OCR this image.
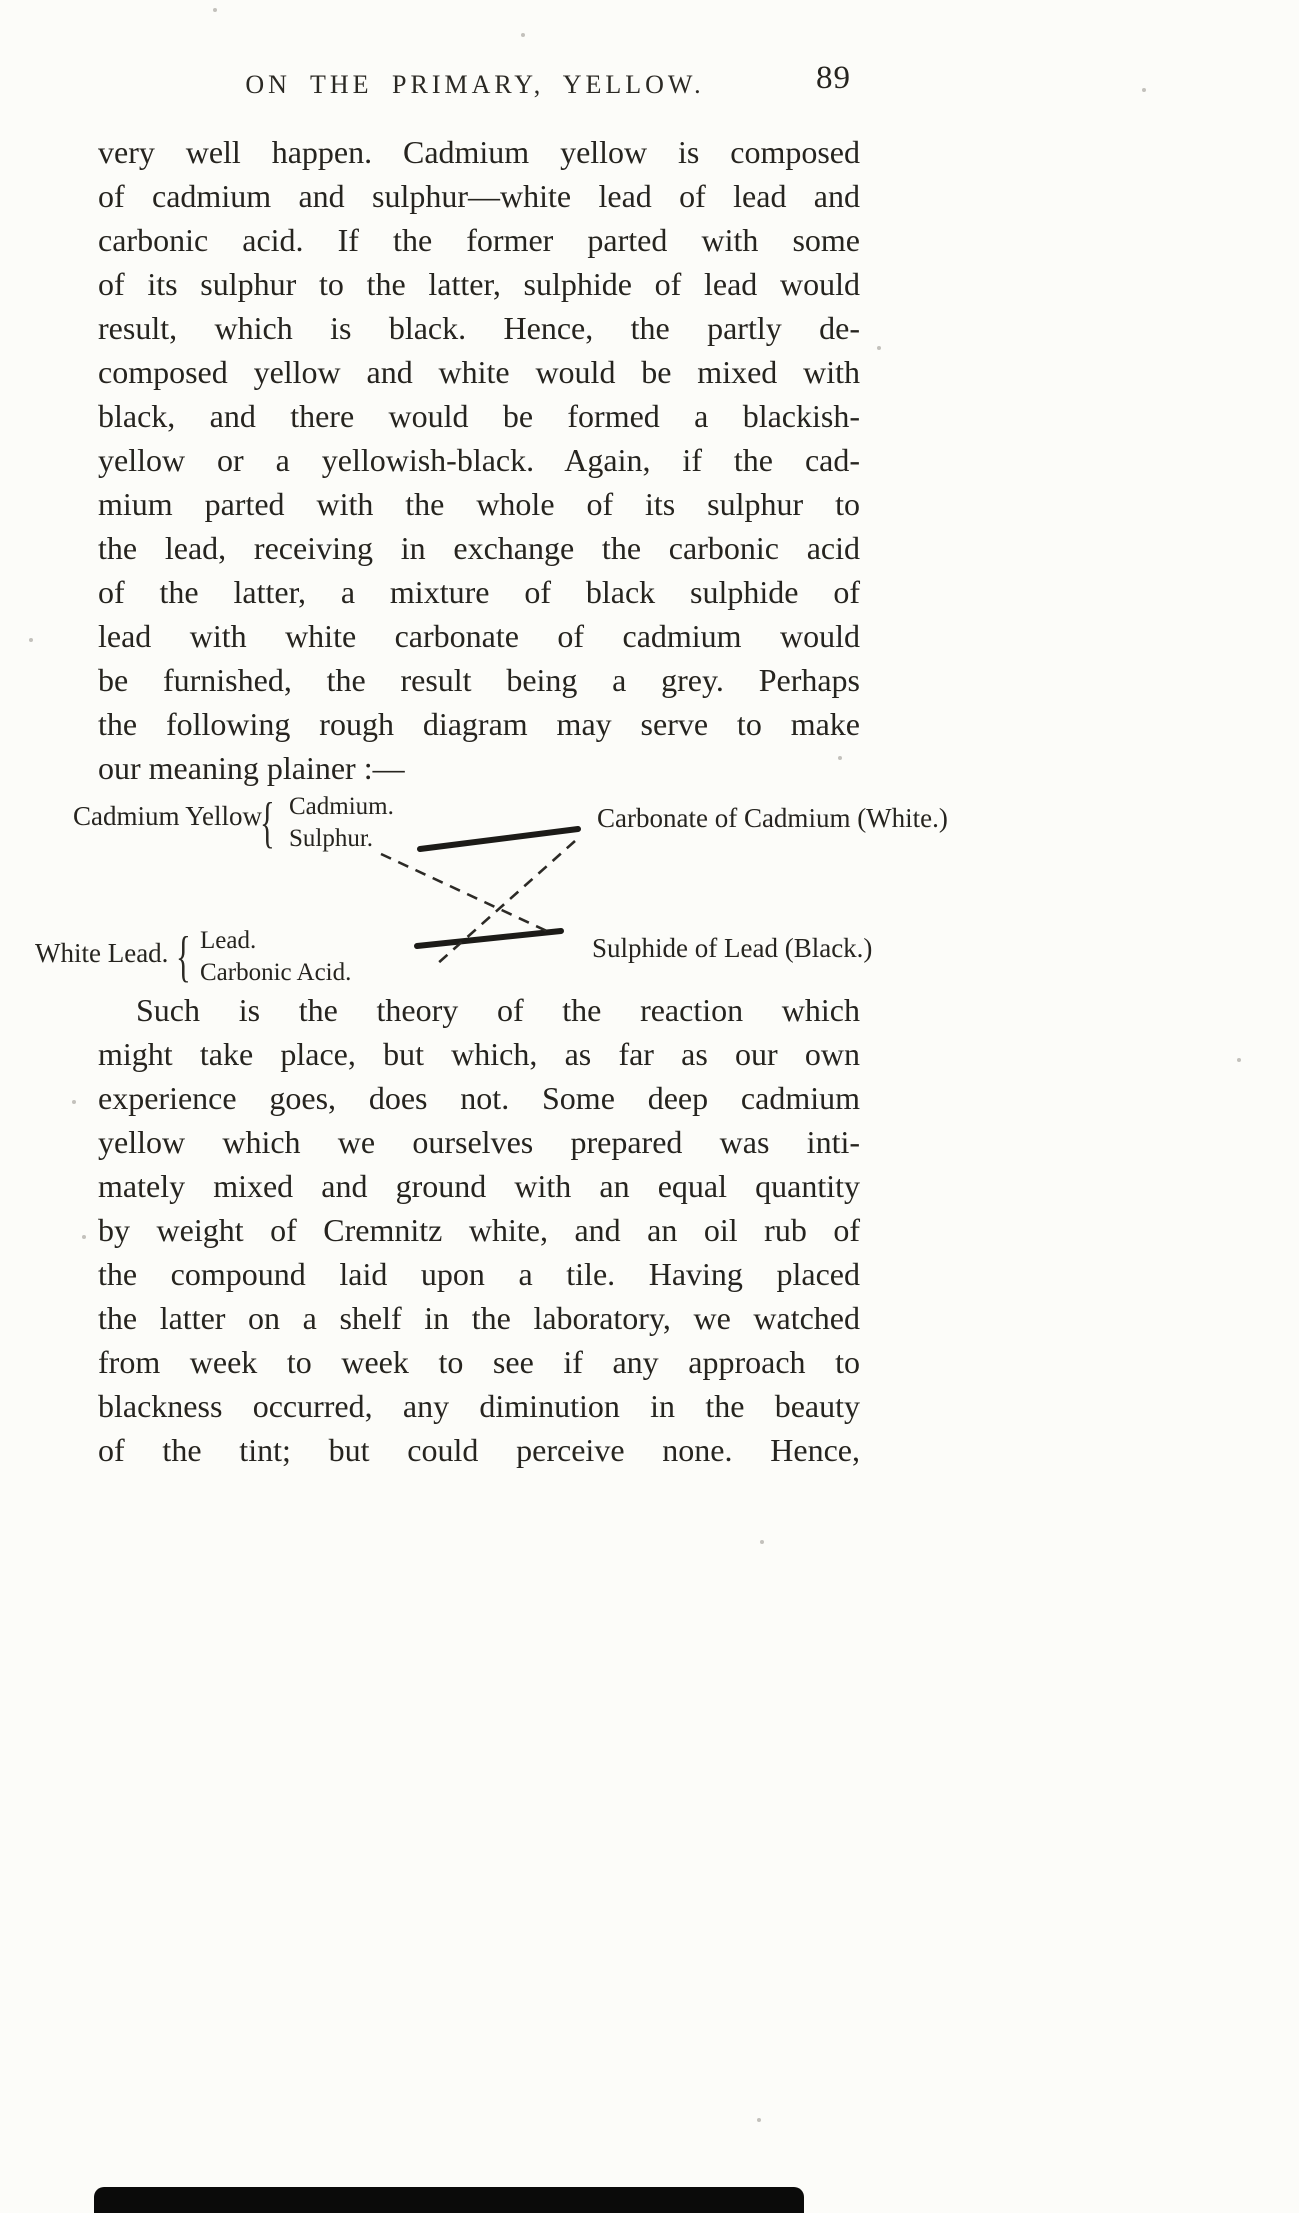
ON THE PRIMARY, YELLOW.	89
very well happen. Cadmium yellow is composed
of cadmium and sulphur—white lead of lead and
carbonic acid. If the former parted with some
of its sulphur to the latter, sulphide of lead would
result, which is black. Hence, the partly de-
composed yellow and white would be mixed with
black, and there would be formed a blackish-
yellow or a yellowish-black. Again, if the cad-
mium parted with the whole of its sulphur to
the lead, receiving in exchange the carbonic acid
of the latter, a mixture of black sulphide of
lead with white carbonate of cadmium would
be furnished, the result being a grey. Perhaps
the following rough diagram may serve to make
our meaning plainer :—
Cadmium Yellow
{ Cadmium.
Sulphur.
Carbonate of Cadmium (White.)
White Lead. { Lead.
Carbonic Acid.
Sulphide of Lead (Black.)
Such is the theory of the reaction which
might take place, but which, as far as our own
experience goes, does not. Some deep cadmium
yellow which we ourselves prepared was inti-
mately mixed and ground with an equal quantity
by weight of Cremnitz white, and an oil rub of
the compound laid upon a tile. Having placed
the latter on a shelf in the laboratory, we watched
from week to week to see if any approach to
blackness occurred, any diminution in the beauty
of the tint; but could perceive none. Hence,
